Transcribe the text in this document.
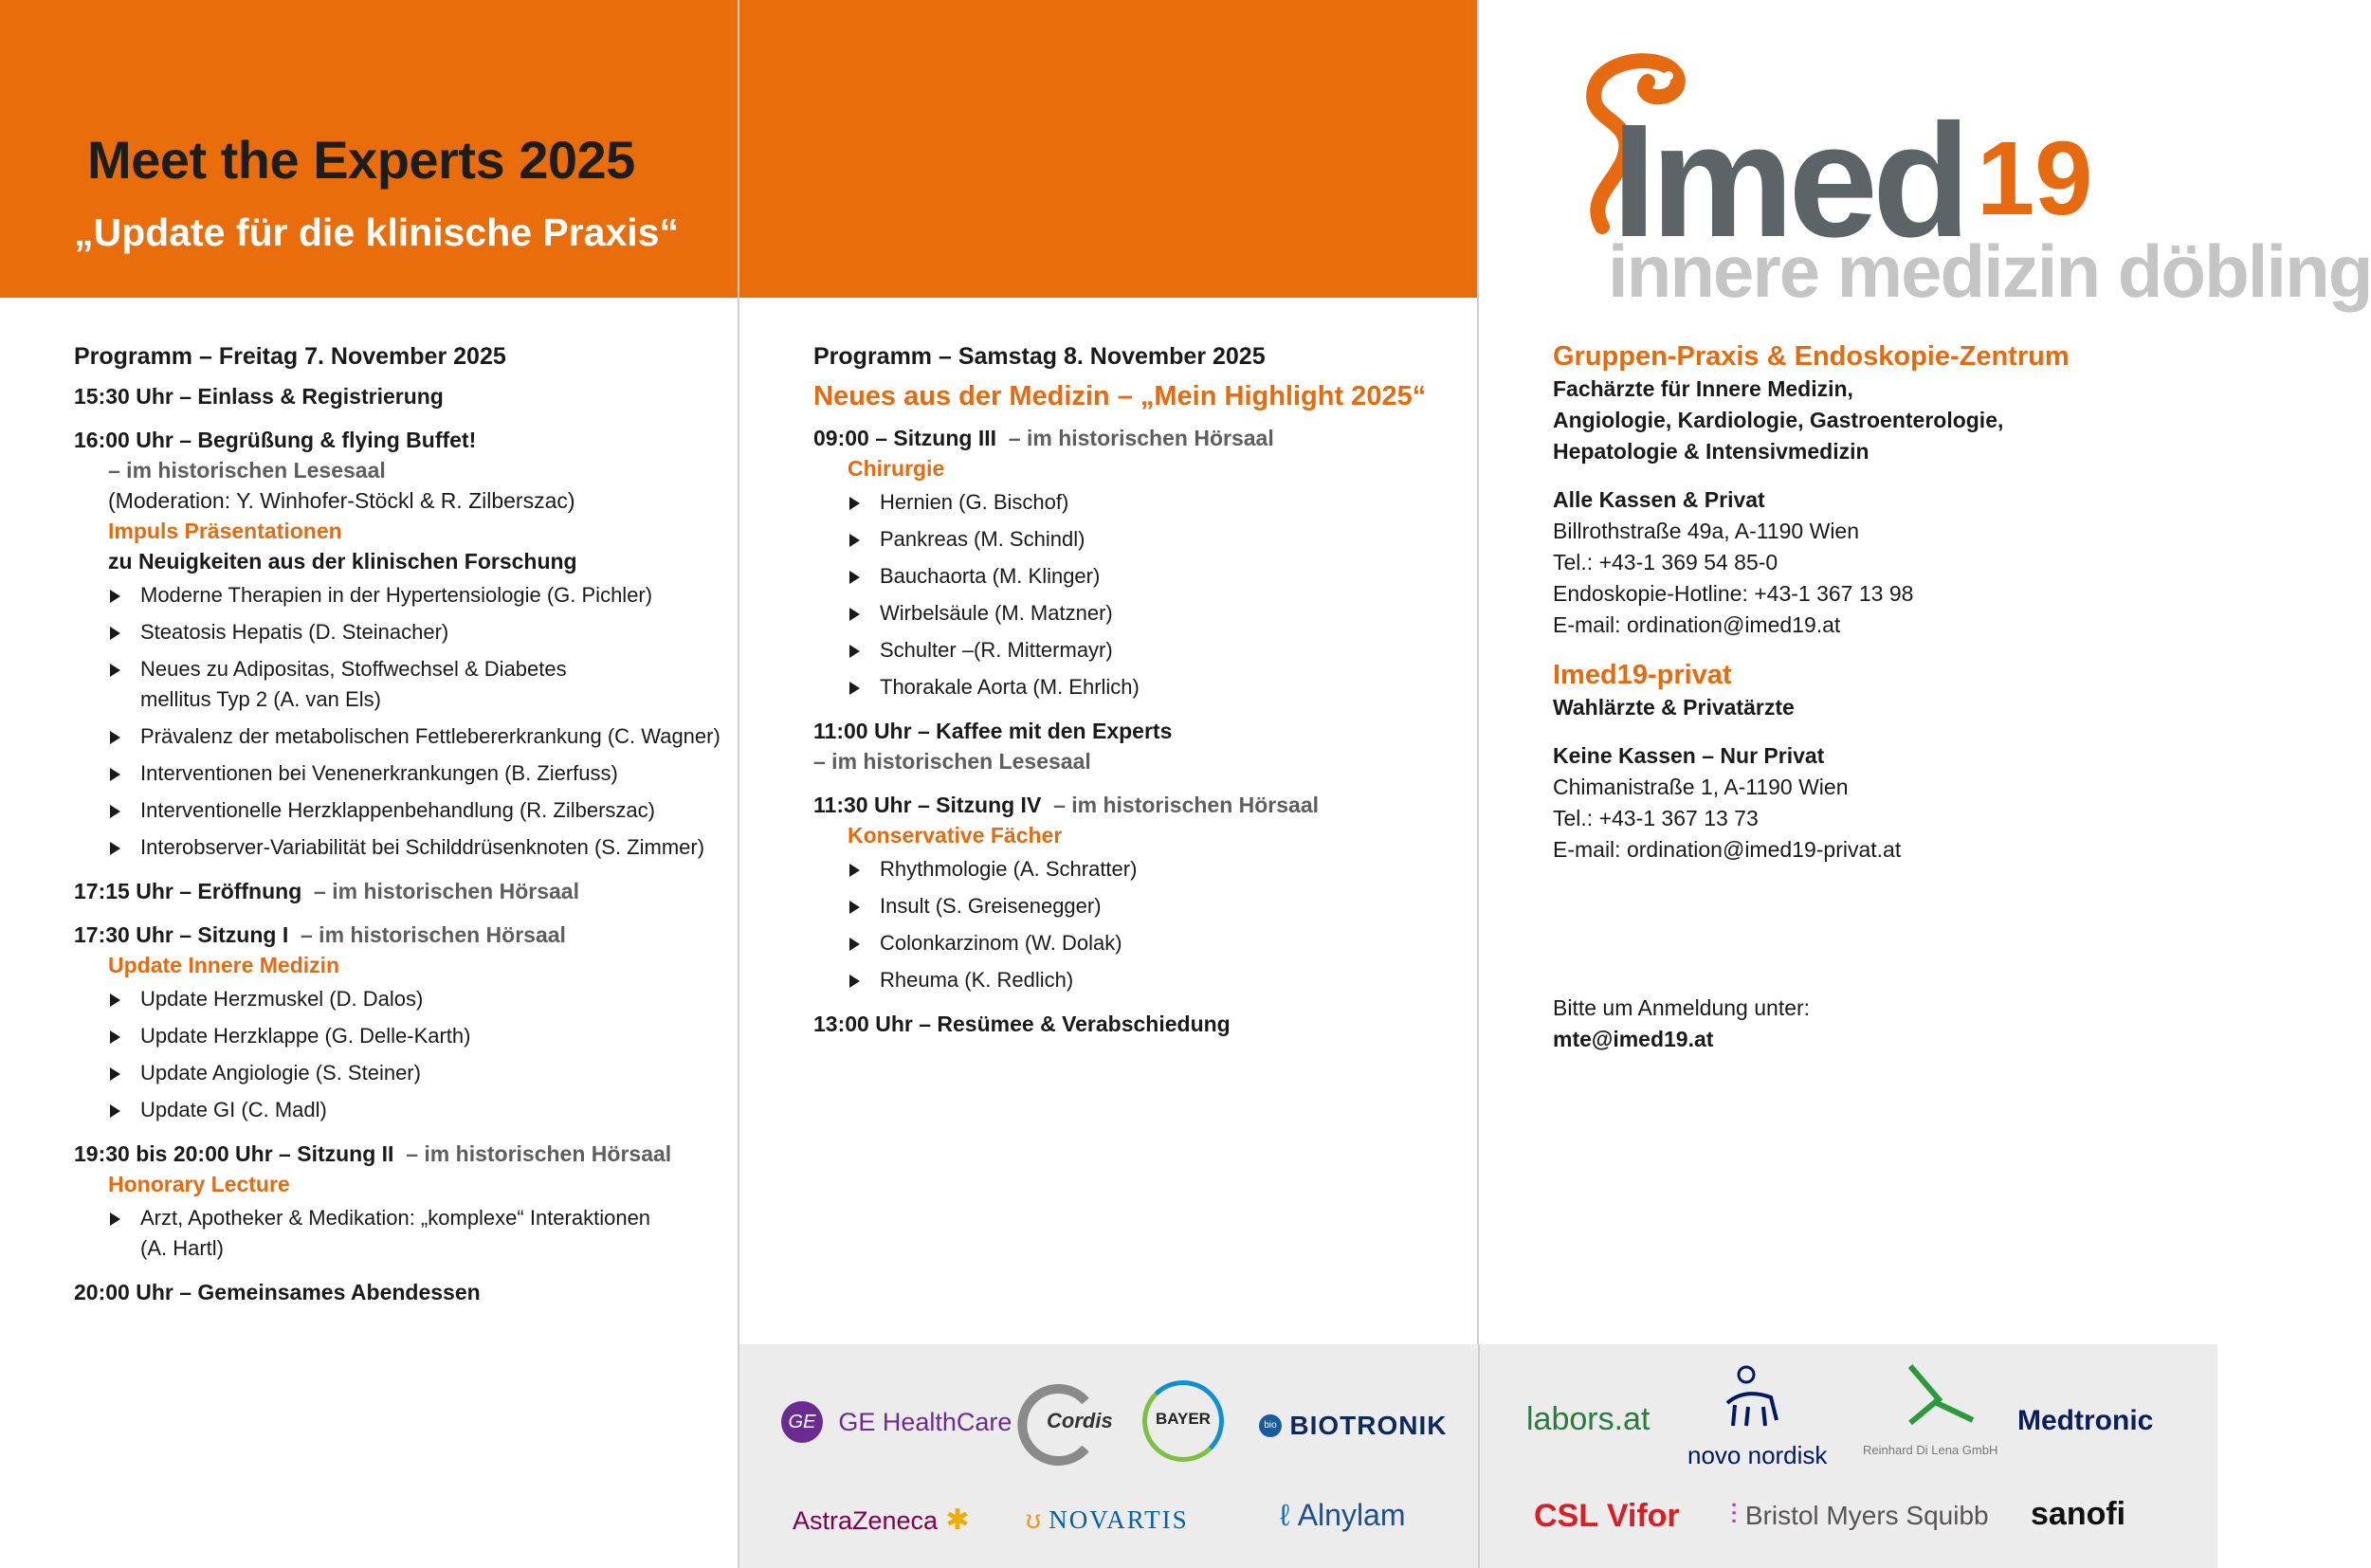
Meet the Experts 2025
„Update für die klinische Praxis“
Programm – Freitag 7. November 2025
15:30 Uhr – Einlass & Registrierung
16:00 Uhr – Begrüßung & flying Buffet!
– im historischen Lesesaal
(Moderation: Y. Winhofer-Stöckl & R. Zilberszac)
Impuls Präsentationen
zu Neuigkeiten aus der klinischen Forschung
Moderne Therapien in der Hypertensiologie (G. Pichler)
Steatosis Hepatis (D. Steinacher)
Neues zu Adipositas, Stoffwechsel & Diabetes
mellitus Typ 2 (A. van Els)
Prävalenz der metabolischen Fettlebererkrankung (C. Wagner)
Interventionen bei Venenerkrankungen (B. Zierfuss)
Interventionelle Herzklappenbehandlung (R. Zilberszac)
Interobserver-Variabilität bei Schilddrüsenknoten (S. Zimmer)
17:15 Uhr – Eröffnung – im historischen Hörsaal
17:30 Uhr – Sitzung I – im historischen Hörsaal
Update Innere Medizin
Update Herzmuskel (D. Dalos)
Update Herzklappe (G. Delle-Karth)
Update Angiologie (S. Steiner)
Update GI (C. Madl)
19:30 bis 20:00 Uhr – Sitzung II – im historischen Hörsaal
Honorary Lecture
Arzt, Apotheker & Medikation: „komplexe“ Interaktionen
(A. Hartl)
20:00 Uhr – Gemeinsames Abendessen
Programm – Samstag 8. November 2025
Neues aus der Medizin – „Mein Highlight 2025“
09:00 – Sitzung III – im historischen Hörsaal
Chirurgie
Hernien (G. Bischof)
Pankreas (M. Schindl)
Bauchaorta (M. Klinger)
Wirbelsäule (M. Matzner)
Schulter –(R. Mittermayr)
Thorakale Aorta (M. Ehrlich)
11:00 Uhr – Kaffee mit den Experts
– im historischen Lesesaal
11:30 Uhr – Sitzung IV – im historischen Hörsaal
Konservative Fächer
Rhythmologie (A. Schratter)
Insult (S. Greisenegger)
Colonkarzinom (W. Dolak)
Rheuma (K. Redlich)
13:00 Uhr – Resümee & Verabschiedung
Imed 19
innere medizin döbling
Gruppen-Praxis & Endoskopie-Zentrum
Fachärzte für Innere Medizin,
Angiologie, Kardiologie, Gastroenterologie,
Hepatologie & Intensivmedizin
Alle Kassen & Privat
Billrothstraße 49a, A-1190 Wien
Tel.: +43-1 369 54 85-0
Endoskopie-Hotline: +43-1 367 13 98
E-mail: ordination@imed19.at
Imed19-privat
Wahlärzte & Privatärzte
Keine Kassen – Nur Privat
Chimanistraße 1, A-1190 Wien
Tel.: +43-1 367 13 73
E-mail: ordination@imed19-privat.at
Bitte um Anmeldung unter:
mte@imed19.at
GE GE HealthCare Cordis	BAYER	bio BIOTRONIK
AstraZeneca ✱ ʊ NOVARTIS	ℓ Alnylam
labors.at
novo nordisk	Reinhard Di Lena GmbH
Medtronic
CSL Vifor ⫶ Bristol Myers Squibb sanofi
